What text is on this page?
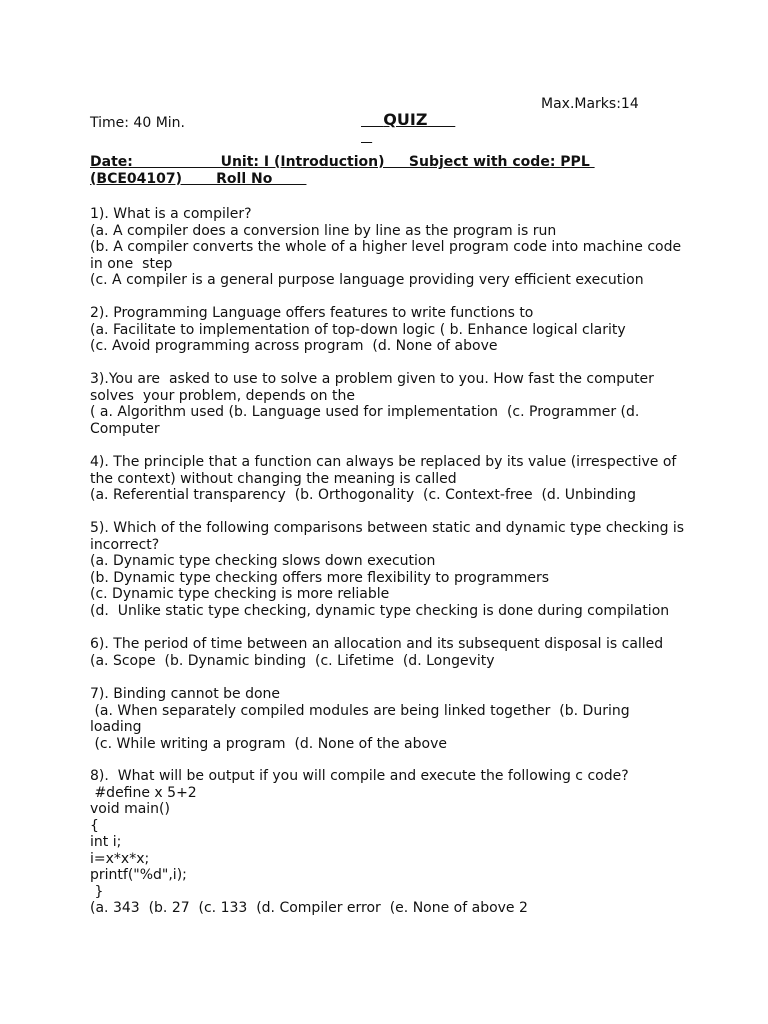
QUIZ

Max.Marks:14
Time: 40 Min.
Date:                  Unit: I (Introduction)     Subject with code: PPL
(BCE04107)       Roll No
1). What is a compiler?
(a. A compiler does a conversion line by line as the program is run
(b. A compiler converts the whole of a higher level program code into machine code
in one  step
(c. A compiler is a general purpose language providing very efficient execution
2). Programming Language offers features to write functions to
(a. Facilitate to implementation of top-down logic ( b. Enhance logical clarity
(c. Avoid programming across program  (d. None of above
3).You are  asked to use to solve a problem given to you. How fast the computer
solves  your problem, depends on the
( a. Algorithm used (b. Language used for implementation  (c. Programmer (d.
Computer
4). The principle that a function can always be replaced by its value (irrespective of
the context) without changing the meaning is called
(a. Referential transparency  (b. Orthogonality  (c. Context-free  (d. Unbinding
5). Which of the following comparisons between static and dynamic type checking is
incorrect?
(a. Dynamic type checking slows down execution
(b. Dynamic type checking offers more flexibility to programmers
(c. Dynamic type checking is more reliable
(d.  Unlike static type checking, dynamic type checking is done during compilation
6). The period of time between an allocation and its subsequent disposal is called
(a. Scope  (b. Dynamic binding  (c. Lifetime  (d. Longevity
7). Binding cannot be done
(a. When separately compiled modules are being linked together  (b. During
loading
(c. While writing a program  (d. None of the above
8).  What will be output if you will compile and execute the following c code?
#define x 5+2
void main()
{
int i;
i=x*x*x;
printf("%d",i);
}
(a. 343  (b. 27  (c. 133  (d. Compiler error  (e. None of above 2
